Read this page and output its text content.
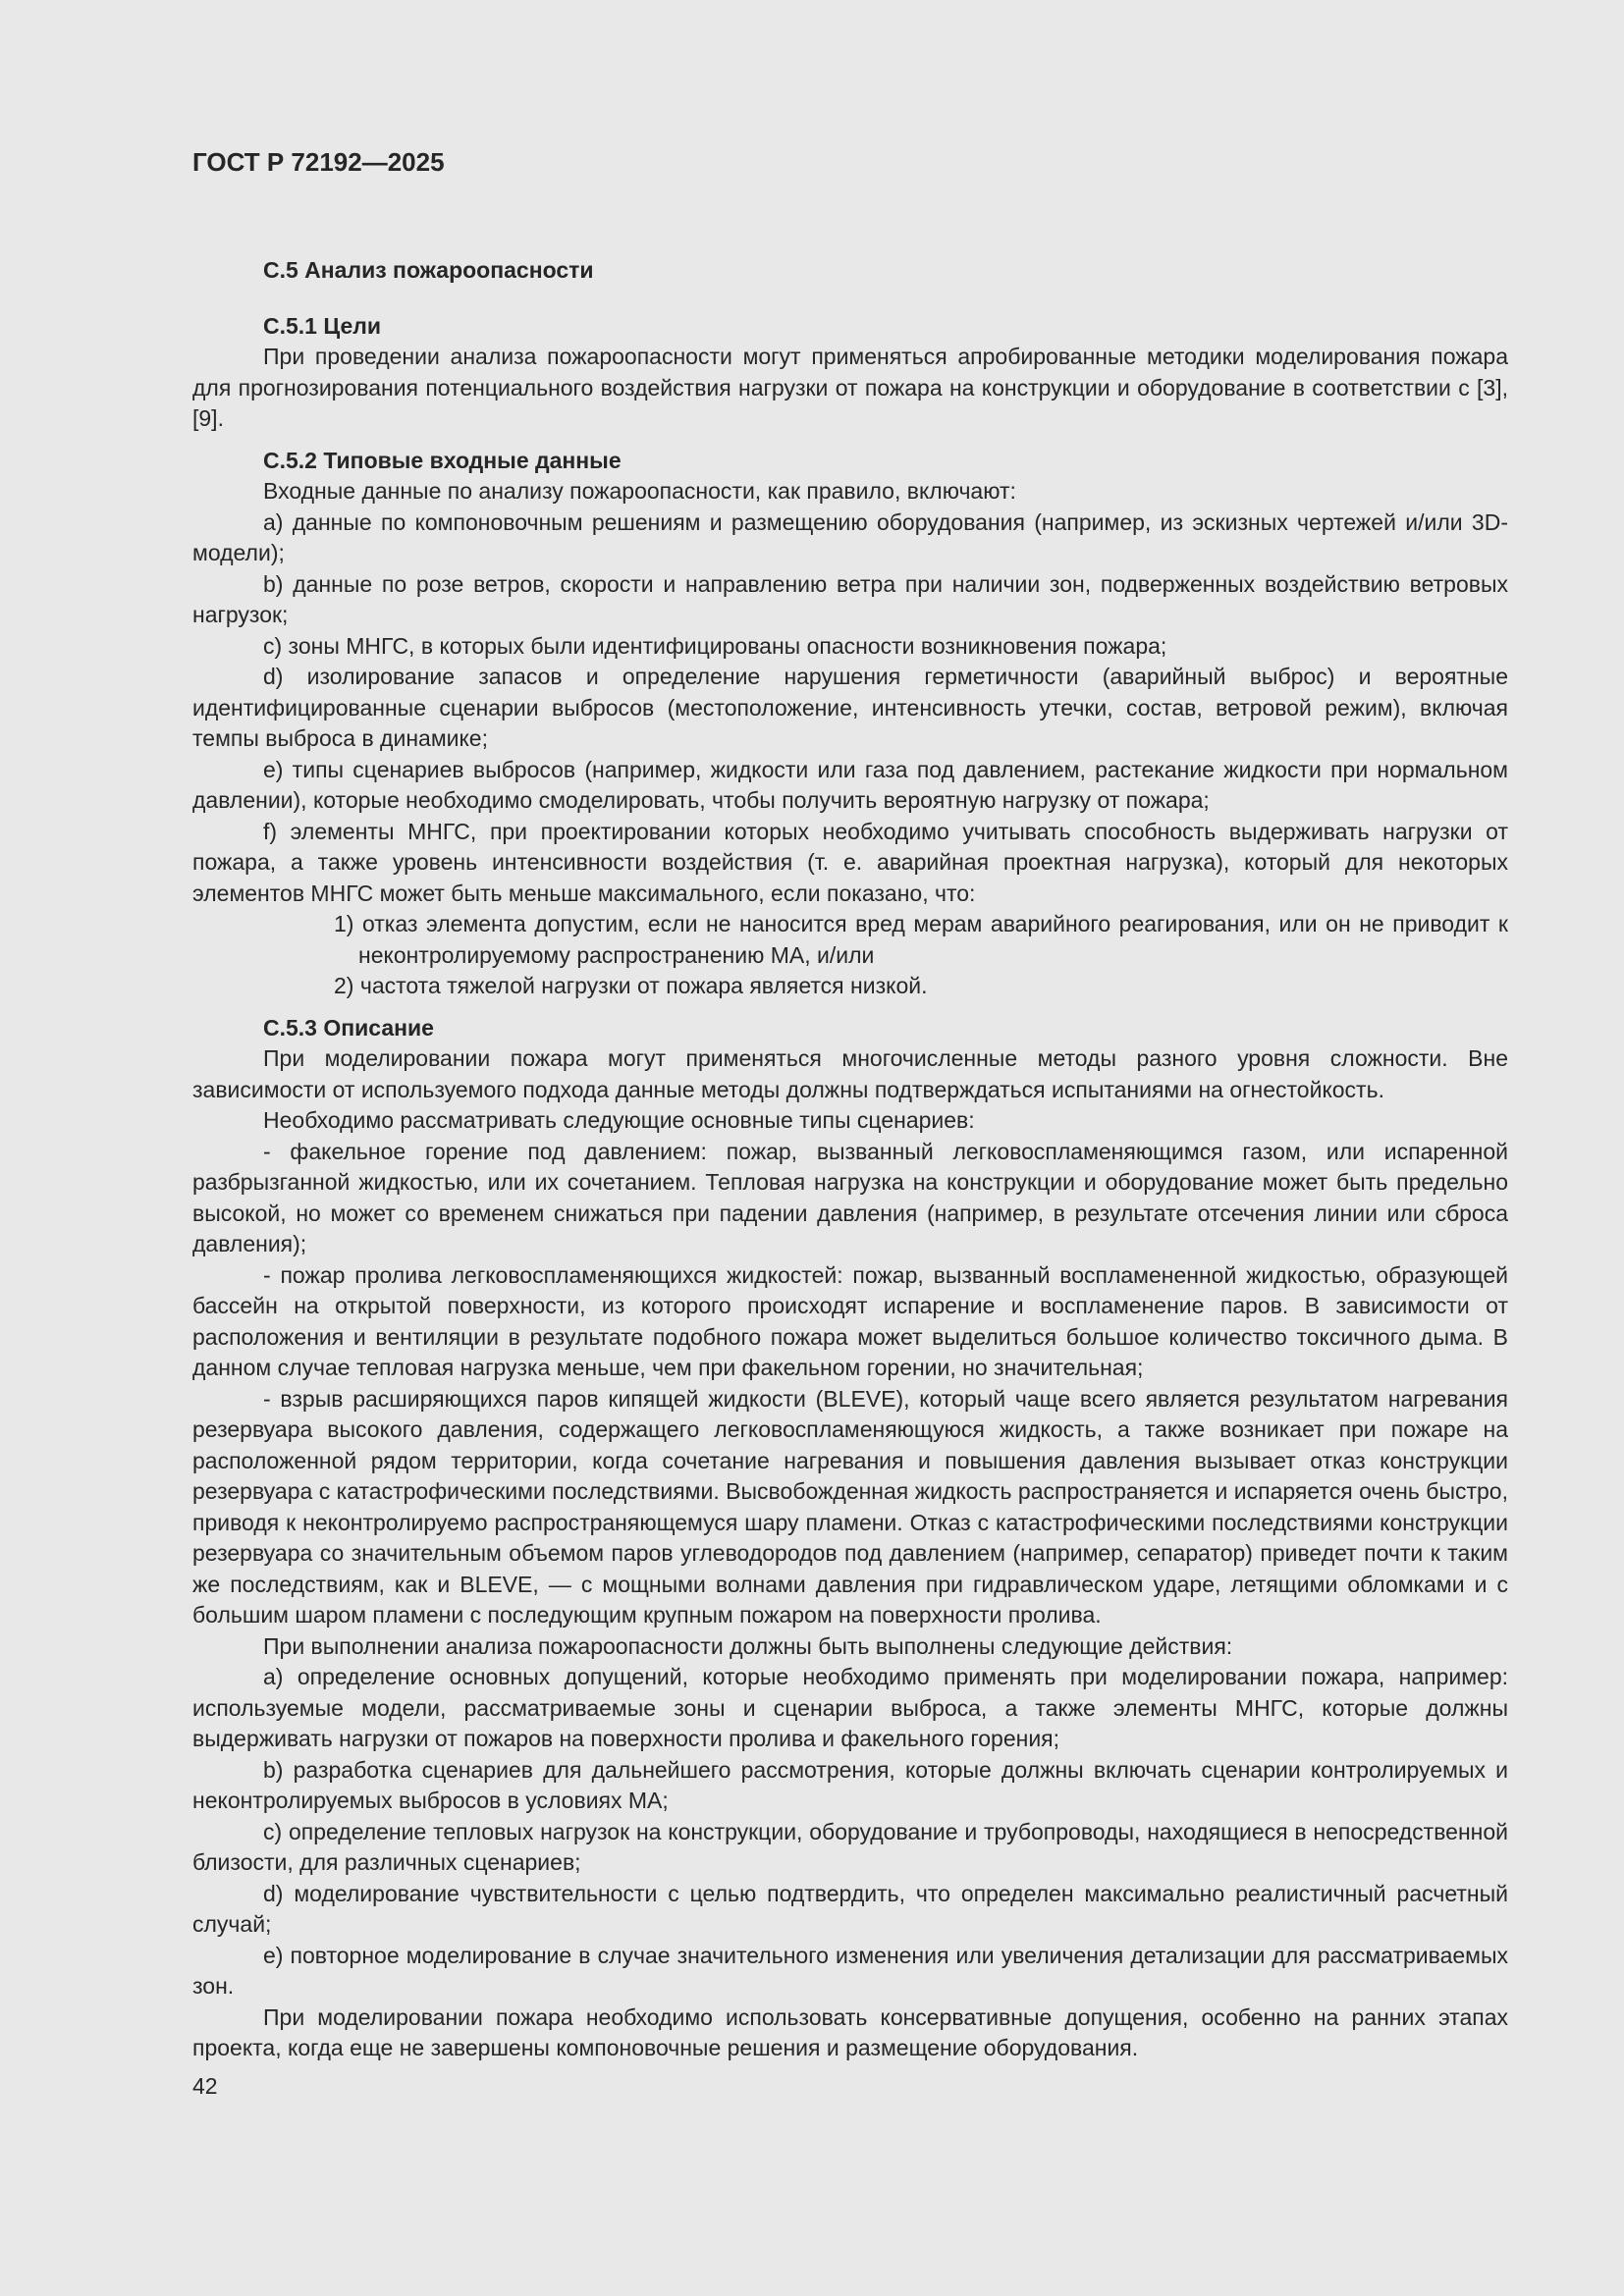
ГОСТ Р 72192—2025
С.5 Анализ пожароопасности
С.5.1 Цели

При проведении анализа пожароопасности могут применяться апробированные методики моделирования пожара для прогнозирования потенциального воздействия нагрузки от пожара на конструкции и оборудование в соответствии с [3], [9].

С.5.2 Типовые входные данные

Входные данные по анализу пожароопасности, как правило, включают:

a) данные по компоновочным решениям и размещению оборудования (например, из эскизных чертежей и/или 3D-модели);

b) данные по розе ветров, скорости и направлению ветра при наличии зон, подверженных воздействию ветровых нагрузок;

c) зоны МНГС, в которых были идентифицированы опасности возникновения пожара;

d) изолирование запасов и определение нарушения герметичности (аварийный выброс) и вероятные идентифицированные сценарии выбросов (местоположение, интенсивность утечки, состав, ветровой режим), включая темпы выброса в динамике;

e) типы сценариев выбросов (например, жидкости или газа под давлением, растекание жидкости при нормальном давлении), которые необходимо смоделировать, чтобы получить вероятную нагрузку от пожара;

f) элементы МНГС, при проектировании которых необходимо учитывать способность выдерживать нагрузки от пожара, а также уровень интенсивности воздействия (т. е. аварийная проектная нагрузка), который для некоторых элементов МНГС может быть меньше максимального, если показано, что:

1) отказ элемента допустим, если не наносится вред мерам аварийного реагирования, или он не приводит к неконтролируемому распространению МА, и/или
2) частота тяжелой нагрузки от пожара является низкой.
С.5.3 Описание

При моделировании пожара могут применяться многочисленные методы разного уровня сложности. Вне зависимости от используемого подхода данные методы должны подтверждаться испытаниями на огнестойкость.

Необходимо рассматривать следующие основные типы сценариев:

- факельное горение под давлением: пожар, вызванный легковоспламеняющимся газом, или испаренной разбрызганной жидкостью, или их сочетанием. Тепловая нагрузка на конструкции и оборудование может быть предельно высокой, но может со временем снижаться при падении давления (например, в результате отсечения линии или сброса давления);

- пожар пролива легковоспламеняющихся жидкостей: пожар, вызванный воспламененной жидкостью, образующей бассейн на открытой поверхности, из которого происходят испарение и воспламенение паров. В зависимости от расположения и вентиляции в результате подобного пожара может выделиться большое количество токсичного дыма. В данном случае тепловая нагрузка меньше, чем при факельном горении, но значительная;

- взрыв расширяющихся паров кипящей жидкости (BLEVE), который чаще всего является результатом нагревания резервуара высокого давления, содержащего легковоспламеняющуюся жидкость, а также возникает при пожаре на расположенной рядом территории, когда сочетание нагревания и повышения давления вызывает отказ конструкции резервуара с катастрофическими последствиями. Высвобожденная жидкость распространяется и испаряется очень быстро, приводя к неконтролируемо распространяющемуся шару пламени. Отказ с катастрофическими последствиями конструкции резервуара со значительным объемом паров углеводородов под давлением (например, сепаратор) приведет почти к таким же последствиям, как и BLEVE, — с мощными волнами давления при гидравлическом ударе, летящими обломками и с большим шаром пламени с последующим крупным пожаром на поверхности пролива.

При выполнении анализа пожароопасности должны быть выполнены следующие действия:

a) определение основных допущений, которые необходимо применять при моделировании пожара, например: используемые модели, рассматриваемые зоны и сценарии выброса, а также элементы МНГС, которые должны выдерживать нагрузки от пожаров на поверхности пролива и факельного горения;

b) разработка сценариев для дальнейшего рассмотрения, которые должны включать сценарии контролируемых и неконтролируемых выбросов в условиях МА;

c) определение тепловых нагрузок на конструкции, оборудование и трубопроводы, находящиеся в непосредственной близости, для различных сценариев;

d) моделирование чувствительности с целью подтвердить, что определен максимально реалистичный расчетный случай;

e) повторное моделирование в случае значительного изменения или увеличения детализации для рассматриваемых зон.

При моделировании пожара необходимо использовать консервативные допущения, особенно на ранних этапах проекта, когда еще не завершены компоновочные решения и размещение оборудования.

42
